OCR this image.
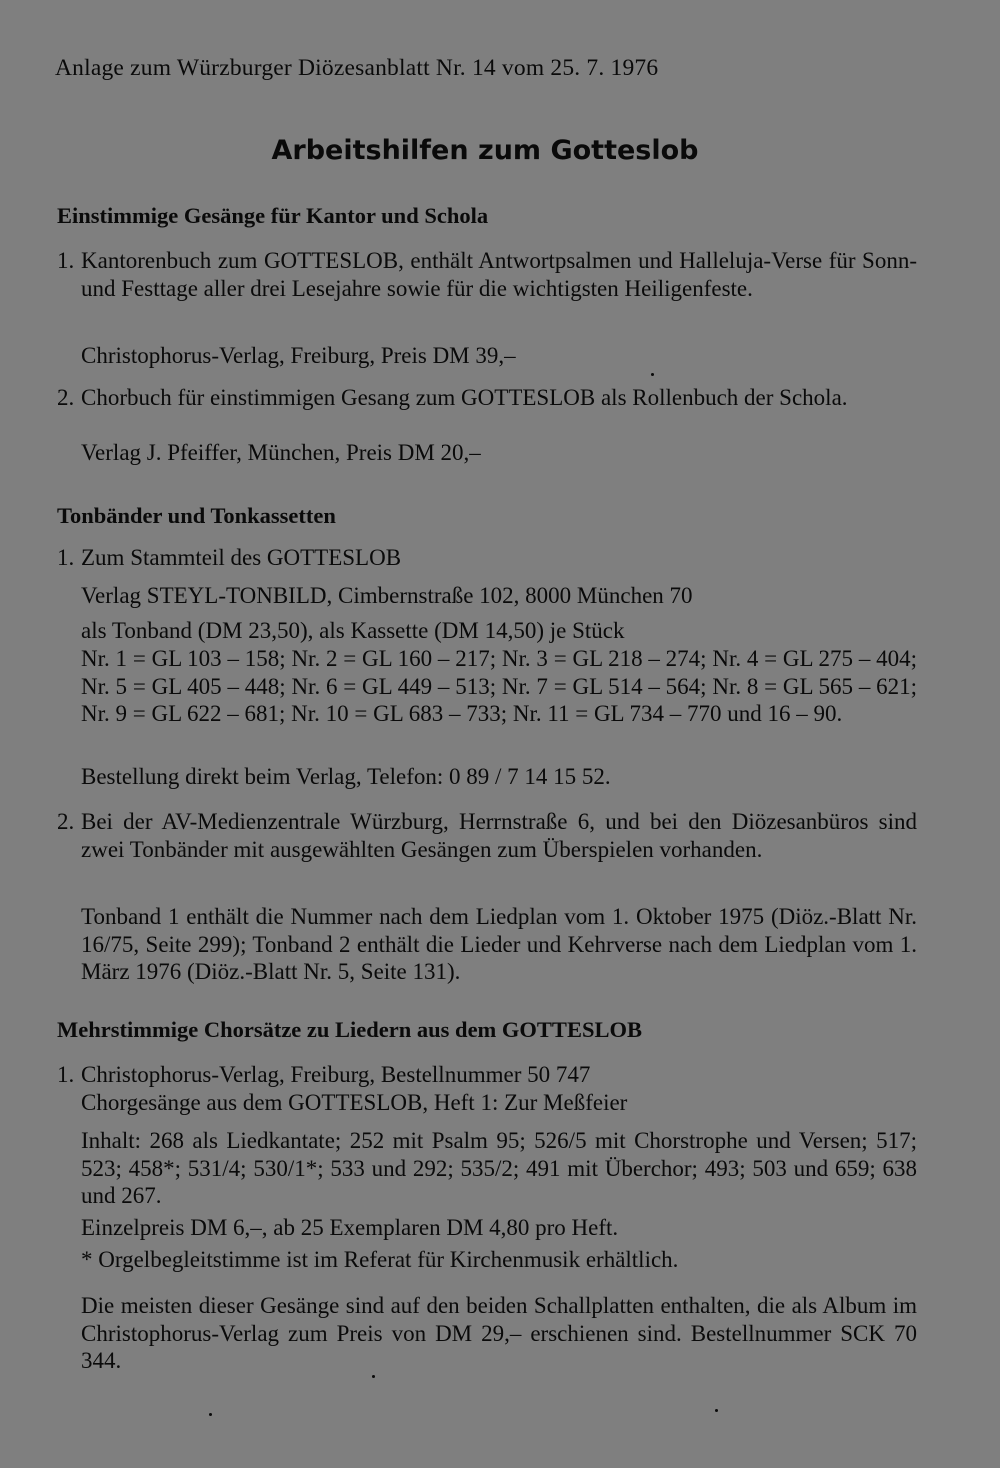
Anlage zum Würzburger Diözesanblatt Nr. 14 vom 25. 7. 1976
Arbeitshilfen zum Gotteslob
Einstimmige Gesänge für Kantor und Schola
1. Kantorenbuch zum GOTTESLOB, enthält Antwortpsalmen und Halleluja-Verse für Sonn- und Festtage aller drei Lesejahre sowie für die wichtigsten Heiligenfeste.

Christophorus-Verlag, Freiburg, Preis DM 39,–

2. Chorbuch für einstimmigen Gesang zum GOTTESLOB als Rollenbuch der Schola.

Verlag J. Pfeiffer, München, Preis DM 20,–

Tonbänder und Tonkassetten
1. Zum Stammteil des GOTTESLOB

Verlag STEYL-TONBILD, Cimbernstraße 102, 8000 München 70

als Tonband (DM 23,50), als Kassette (DM 14,50) je Stück

Nr. 1 = GL 103 – 158; Nr. 2 = GL 160 – 217; Nr. 3 = GL 218 – 274; Nr. 4 = GL 275 – 404; Nr. 5 = GL 405 – 448; Nr. 6 = GL 449 – 513; Nr. 7 = GL 514 – 564; Nr. 8 = GL 565 – 621; Nr. 9 = GL 622 – 681; Nr. 10 = GL 683 – 733; Nr. 11 = GL 734 – 770 und 16 – 90.

Bestellung direkt beim Verlag, Telefon: 0 89 / 7 14 15 52.

2. Bei der AV-Medienzentrale Würzburg, Herrnstraße 6, und bei den Diözesanbüros sind zwei Tonbänder mit ausgewählten Gesängen zum Überspielen vorhanden.

Tonband 1 enthält die Nummer nach dem Liedplan vom 1. Oktober 1975 (Diöz.-Blatt Nr. 16/75, Seite 299); Tonband 2 enthält die Lieder und Kehrverse nach dem Liedplan vom 1. März 1976 (Diöz.-Blatt Nr. 5, Seite 131).

Mehrstimmige Chorsätze zu Liedern aus dem GOTTESLOB
1. Christophorus-Verlag, Freiburg, Bestellnummer 50 747

Chorgesänge aus dem GOTTESLOB, Heft 1: Zur Meßfeier

Inhalt: 268 als Liedkantate; 252 mit Psalm 95; 526/5 mit Chorstrophe und Versen; 517; 523; 458*; 531/4; 530/1*; 533 und 292; 535/2; 491 mit Überchor; 493; 503 und 659; 638 und 267.

Einzelpreis DM 6,–, ab 25 Exemplaren DM 4,80 pro Heft.

* Orgelbegleitstimme ist im Referat für Kirchenmusik erhältlich.

Die meisten dieser Gesänge sind auf den beiden Schallplatten enthalten, die als Album im Christophorus-Verlag zum Preis von DM 29,– erschienen sind. Bestellnummer SCK 70 344.
